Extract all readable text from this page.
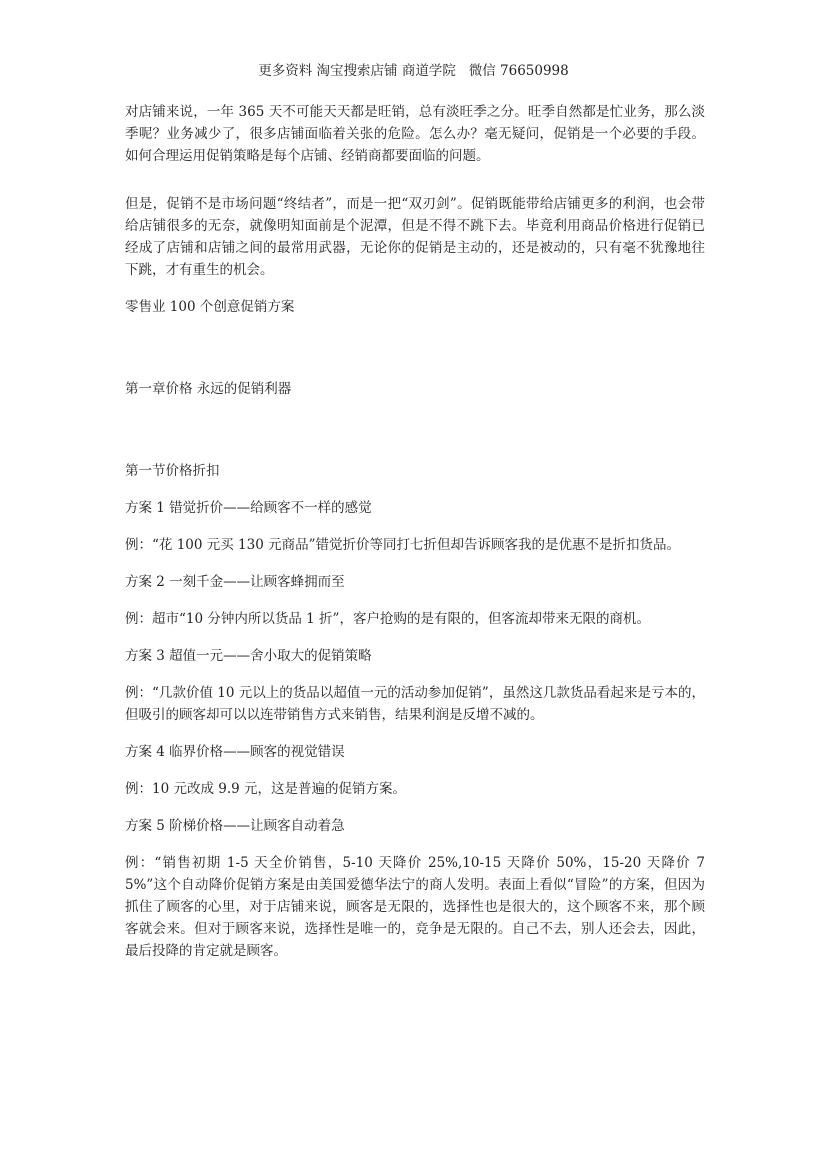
更多资料 淘宝搜索店铺 商道学院   微信 76650998

对店铺来说，一年 365 天不可能天天都是旺销，总有淡旺季之分。旺季自然都是忙业务，那么淡季呢？业务减少了，很多店铺面临着关张的危险。怎么办？毫无疑问，促销是一个必要的手段。如何合理运用促销策略是每个店铺、经销商都要面临的问题。

但是，促销不是市场问题“终结者”，而是一把“双刃剑”。促销既能带给店铺更多的利润，也会带给店铺很多的无奈，就像明知面前是个泥潭，但是不得不跳下去。毕竟利用商品价格进行促销已经成了店铺和店铺之间的最常用武器，无论你的促销是主动的，还是被动的，只有毫不犹豫地往下跳，才有重生的机会。

零售业 100 个创意促销方案

第一章价格 永远的促销利器

第一节价格折扣

方案 1 错觉折价——给顾客不一样的感觉

例：“花 100 元买 130 元商品”错觉折价等同打七折但却告诉顾客我的是优惠不是折扣货品。

方案 2 一刻千金——让顾客蜂拥而至

例：超市“10 分钟内所以货品 1 折”，客户抢购的是有限的，但客流却带来无限的商机。

方案 3 超值一元——舍小取大的促销策略

例：“几款价值 10 元以上的货品以超值一元的活动参加促销”，虽然这几款货品看起来是亏本的，但吸引的顾客却可以以连带销售方式来销售，结果利润是反增不减的。

方案 4 临界价格——顾客的视觉错误

例：10 元改成 9.9 元，这是普遍的促销方案。

方案 5 阶梯价格——让顾客自动着急

例：“销售初期 1-5 天全价销售，5-10 天降价 25%,10-15 天降价 50%，15-20 天降价 75%”这个自动降价促销方案是由美国爱德华法宁的商人发明。表面上看似“冒险”的方案，但因为抓住了顾客的心里，对于店铺来说，顾客是无限的，选择性也是很大的，这个顾客不来，那个顾客就会来。但对于顾客来说，选择性是唯一的，竞争是无限的。自己不去，别人还会去，因此，最后投降的肯定就是顾客。
